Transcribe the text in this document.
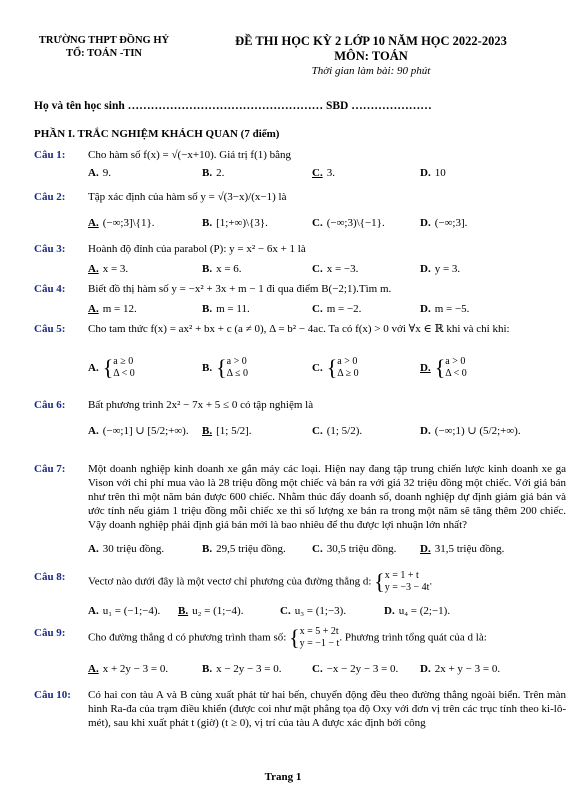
TRƯỜNG THPT ĐỒNG HỶ
TỔ: TOÁN -TIN
ĐỀ THI HỌC KỲ 2 LỚP 10 NĂM HỌC 2022-2023
MÔN: TOÁN
Thời gian làm bài: 90 phút
Họ và tên học sinh …………………………………………… SBD …………………
PHẦN I. TRẮC NGHIỆM KHÁCH QUAN (7 điểm)
Câu 1:	Cho hàm số f(x) = √(−x+10). Giá trị f(1) bằng
A. 9.	B. 2.	C. 3.	D. 10
Câu 2:	Tập xác định của hàm số y = √(3−x)/(x−1) là
A. (−∞;3]\{1}.	B. [1;+∞)\{3}.	C. (−∞;3)\{−1}.	D. (−∞;3].
Câu 3:	Hoành độ đỉnh của parabol (P): y = x² − 6x + 1 là
A. x = 3.	B. x = 6.	C. x = −3.	D. y = 3.
Câu 4:	Biết đồ thị hàm số y = −x² + 3x + m − 1 đi qua điểm B(−2;1).Tìm m.
A. m = 12.	B. m = 11.	C. m = −2.	D. m = −5.
Câu 5:	Cho tam thức f(x) = ax² + bx + c (a ≠ 0), Δ = b² − 4ac. Ta có f(x) > 0 với ∀x ∈ ℝ khi và chỉ khi:
A. {a ≥ 0
Δ < 0	B. {a > 0
Δ ≤ 0	C. {a > 0
Δ ≥ 0	D. {a > 0
Δ < 0
Câu 6:	Bất phương trình 2x² − 7x + 5 ≤ 0 có tập nghiệm là
A. (−∞;1] ∪ [5/2;+∞). B. [1; 5/2].	C. (1; 5/2).	D. (−∞;1) ∪ (5/2;+∞).
Câu 7:	Một doanh nghiệp kinh doanh xe gắn máy các loại. Hiện nay đang tập trung chiến lược kinh doanh xe ga Vison với chi phí mua vào là 28 triệu đồng một chiếc và bán ra với giá 32 triệu đồng một chiếc. Với giá bán như trên thì một năm bán được 600 chiếc. Nhằm thúc đẩy doanh số, doanh nghiệp dự định giảm giá bán và ước tính nếu giảm 1 triệu đồng mỗi chiếc xe thì số lượng xe bán ra trong một năm sẽ tăng thêm 200 chiếc. Vậy doanh nghiệp phải định giá bán mới là bao nhiêu để thu được lợi nhuận lớn nhất?
A. 30 triệu đồng.	B. 29,5 triệu đồng. C. 30,5 triệu đồng. D. 31,5 triệu đồng.
Câu 8:	Vectơ nào dưới đây là một vectơ chỉ phương của đường thẳng d: {x = 1 + t
y = −3 − 4t.
A. u₁ = (−1;−4). B. u₂ = (1;−4).	C. u₃ = (1;−3).	D. u₄ = (2;−1).
Câu 9:	Cho đường thẳng d có phương trình tham số: {x = 5 + 2t
y = −1 − t. Phương trình tổng quát của d là:
A. x + 2y − 3 = 0.	B. x − 2y − 3 = 0.	C. −x − 2y − 3 = 0. D. 2x + y − 3 = 0.
Câu 10:	Có hai con tàu A và B cùng xuất phát từ hai bến, chuyển động đều theo đường thẳng ngoài biển. Trên màn hình Ra-đa của trạm điều khiển (được coi như mặt phẳng tọa độ Oxy với đơn vị trên các trục tính theo ki-lô-mét), sau khi xuất phát t (giờ) (t ≥ 0), vị trí của tàu A được xác định bởi công
Trang 1
